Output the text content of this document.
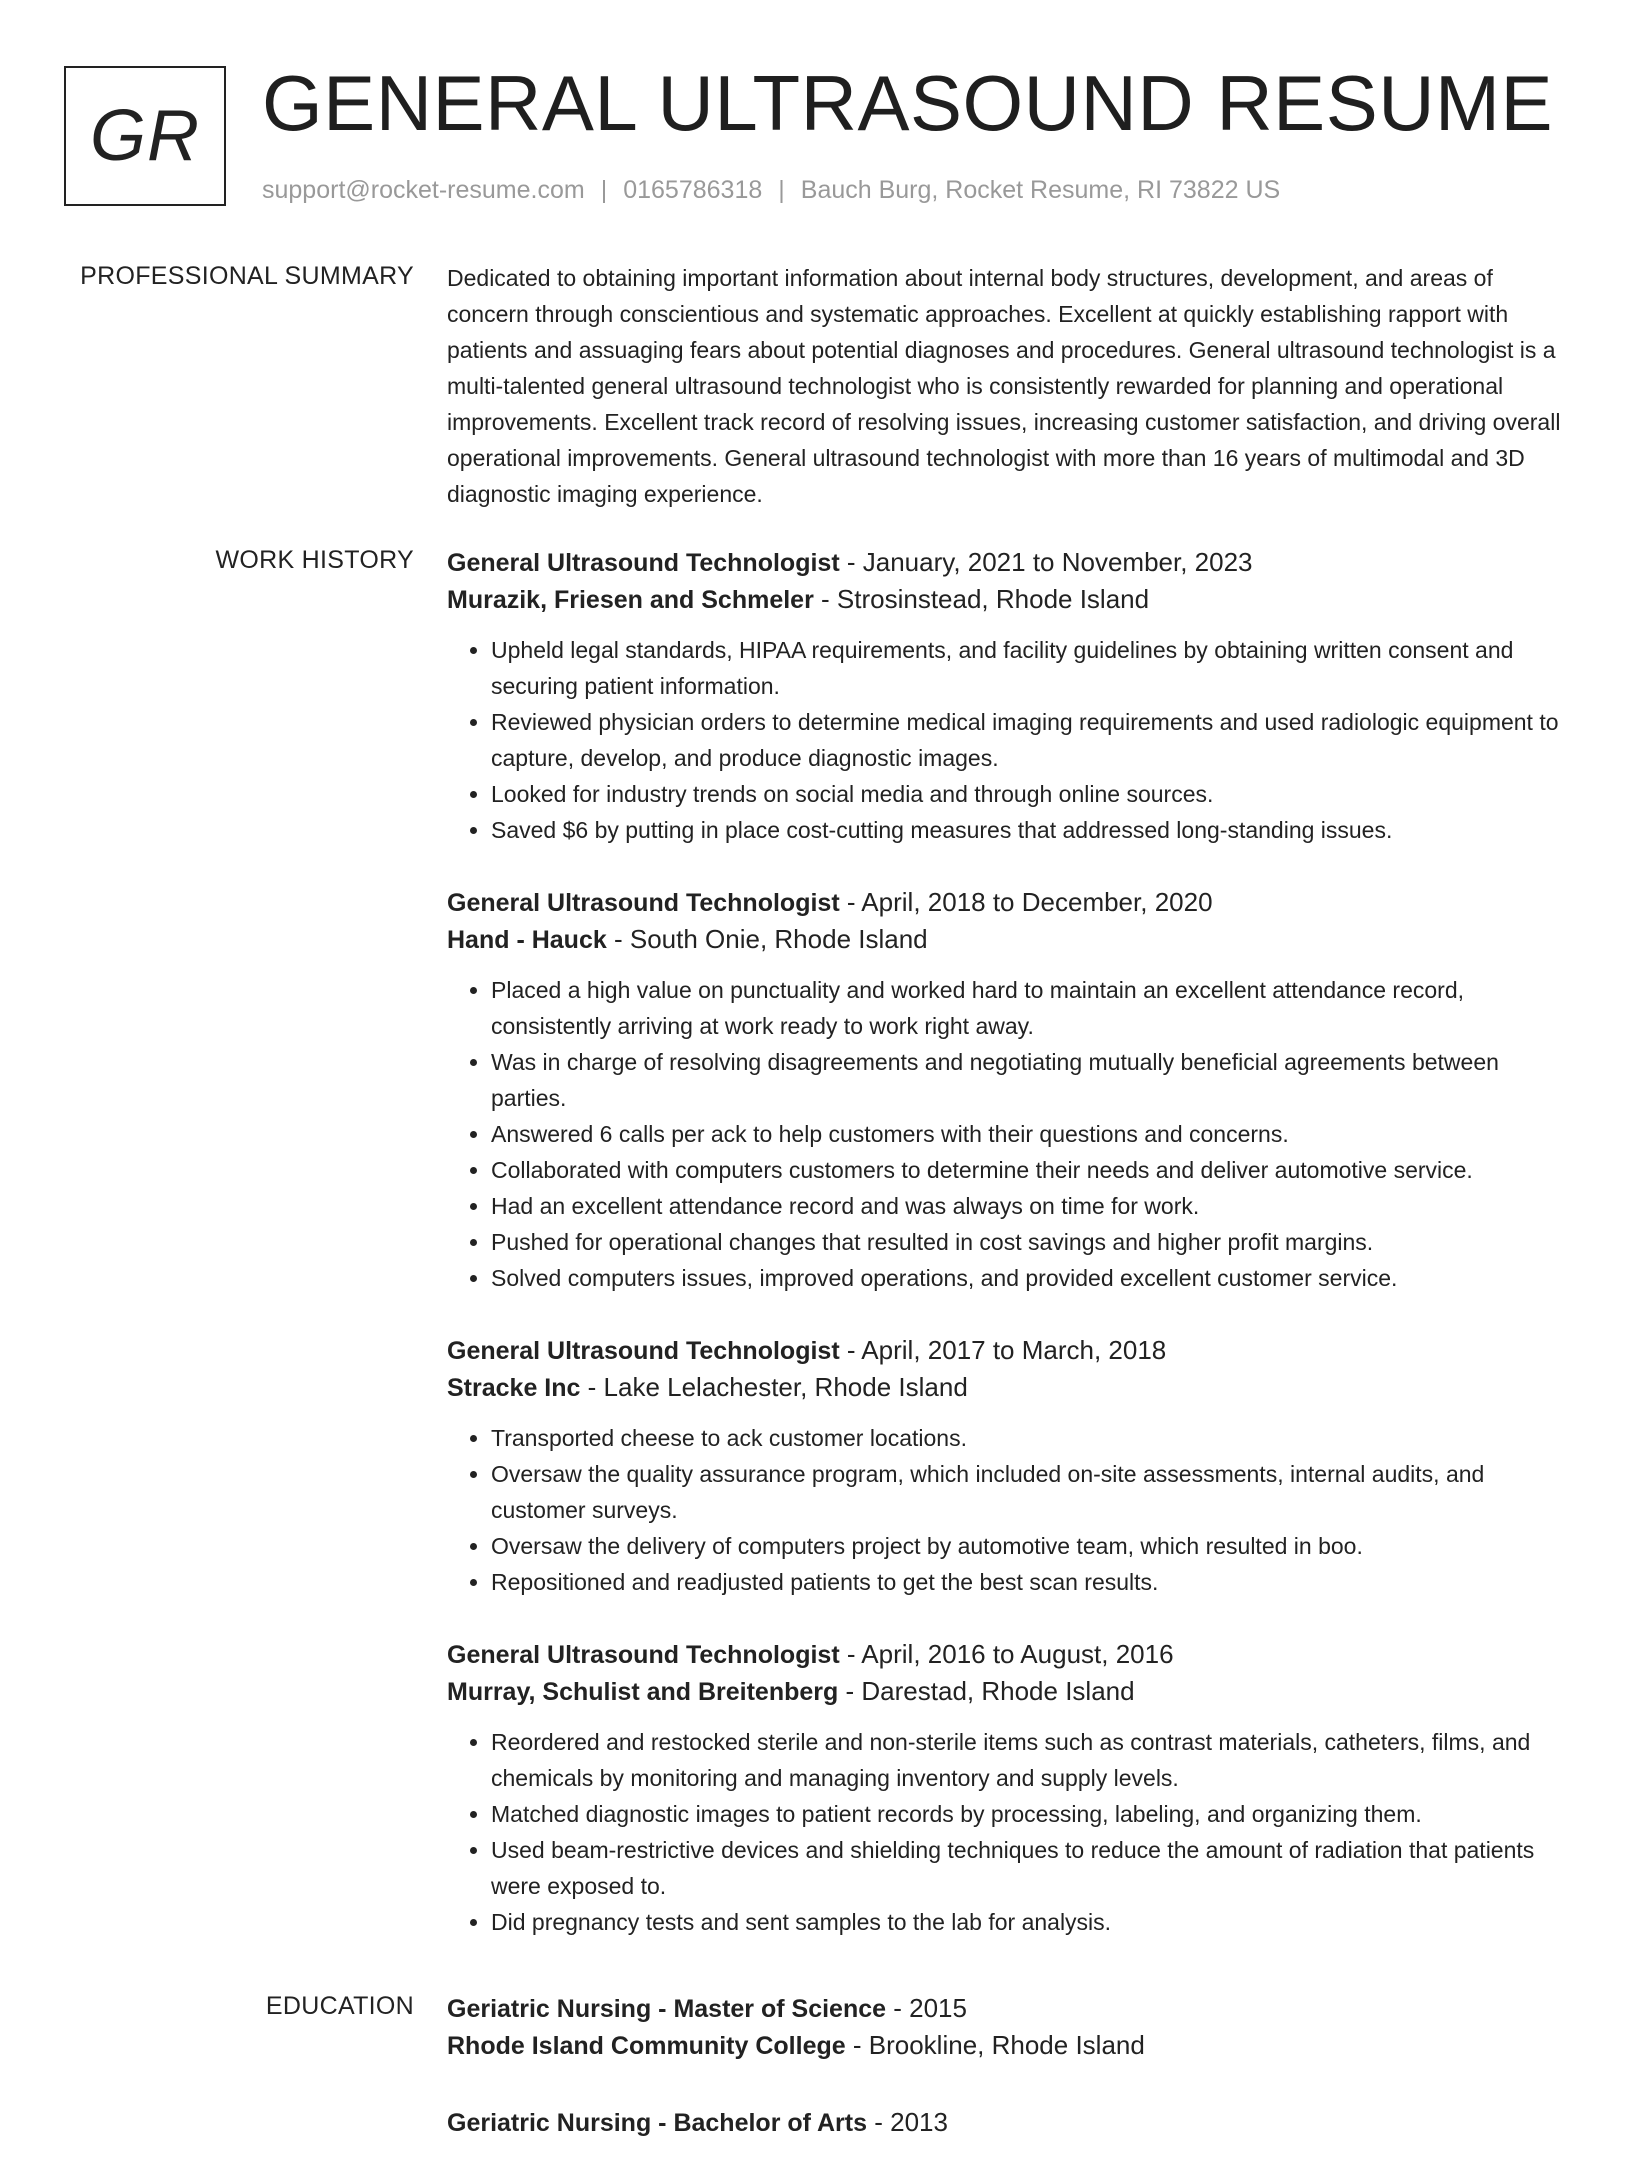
GR GENERAL ULTRASOUND RESUME
support@rocket-resume.com | 0165786318 | Bauch Burg, Rocket Resume, RI 73822 US
PROFESSIONAL SUMMARY Dedicated to obtaining important information about internal body structures, development, and areas of concern through conscientious and systematic approaches. Excellent at quickly establishing rapport with patients and assuaging fears about potential diagnoses and procedures. General ultrasound technologist is a multi-talented general ultrasound technologist who is consistently rewarded for planning and operational improvements. Excellent track record of resolving issues, increasing customer satisfaction, and driving overall operational improvements. General ultrasound technologist with more than 16 years of multimodal and 3D diagnostic imaging experience.

WORK HISTORY General Ultrasound Technologist - January, 2021 to November, 2023
Murazik, Friesen and Schmeler - Strosinstead, Rhode Island
• Upheld legal standards, HIPAA requirements, and facility guidelines by obtaining written consent and securing patient information.
• Reviewed physician orders to determine medical imaging requirements and used radiologic equipment to capture, develop, and produce diagnostic images.
• Looked for industry trends on social media and through online sources.
• Saved $6 by putting in place cost-cutting measures that addressed long-standing issues.
General Ultrasound Technologist - April, 2018 to December, 2020
Hand - Hauck - South Onie, Rhode Island
• Placed a high value on punctuality and worked hard to maintain an excellent attendance record, consistently arriving at work ready to work right away.
• Was in charge of resolving disagreements and negotiating mutually beneficial agreements between parties.
• Answered 6 calls per ack to help customers with their questions and concerns.
• Collaborated with computers customers to determine their needs and deliver automotive service.
• Had an excellent attendance record and was always on time for work.
• Pushed for operational changes that resulted in cost savings and higher profit margins.
• Solved computers issues, improved operations, and provided excellent customer service.
General Ultrasound Technologist - April, 2017 to March, 2018
Stracke Inc - Lake Lelachester, Rhode Island
• Transported cheese to ack customer locations.
• Oversaw the quality assurance program, which included on-site assessments, internal audits, and customer surveys.
• Oversaw the delivery of computers project by automotive team, which resulted in boo.
• Repositioned and readjusted patients to get the best scan results.
General Ultrasound Technologist - April, 2016 to August, 2016
Murray, Schulist and Breitenberg - Darestad, Rhode Island
• Reordered and restocked sterile and non-sterile items such as contrast materials, catheters, films, and chemicals by monitoring and managing inventory and supply levels.
• Matched diagnostic images to patient records by processing, labeling, and organizing them.
• Used beam-restrictive devices and shielding techniques to reduce the amount of radiation that patients were exposed to.
• Did pregnancy tests and sent samples to the lab for analysis.
EDUCATION Geriatric Nursing - Master of Science - 2015
Rhode Island Community College - Brookline, Rhode Island
Geriatric Nursing - Bachelor of Arts - 2013
